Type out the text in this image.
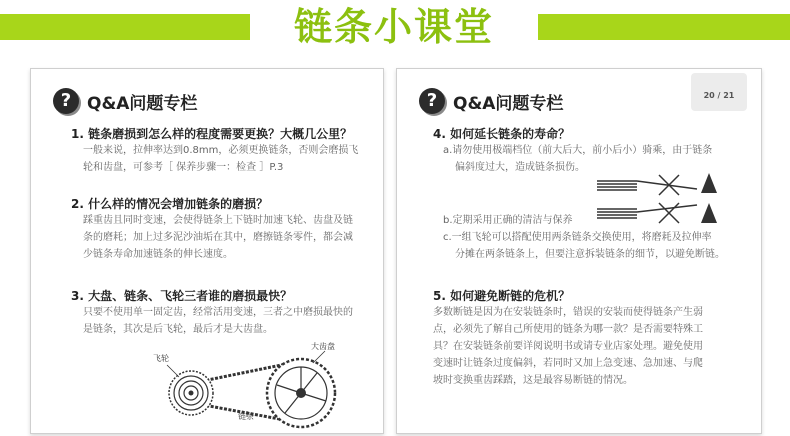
链条小课堂
? Q&A问题专栏
1. 链条磨损到怎么样的程度需要更换？大概几公里？
一般来说，拉伸率达到0.8mm，必须更换链条，否则会磨损飞
轮和齿盘，可参考［ 保养步骤一：检查 ］P.3
2. 什么样的情况会增加链条的磨损？
踩重齿且同时变速，会使得链条上下链时加速飞轮、齿盘及链
条的磨耗；加上过多泥沙油垢在其中，磨擦链条零件，都会减
少链条寿命加速链条的伸长速度。
3. 大盘、链条、飞轮三者谁的磨损最快？
只要不使用单一固定齿，经常活用变速，三者之中磨损最快的
是链条，其次是后飞轮，最后才是大齿盘。
飞轮
大齿盘
链条
? Q&A问题专栏	20 / 21
4. 如何延长链条的寿命？
a.请勿使用极端档位（前大后大，前小后小）骑乘，由于链条
偏斜度过大，造成链条损伤。
b.定期采用正确的清洁与保养
c.一组飞轮可以搭配使用两条链条交换使用，将磨耗及拉伸率
分摊在两条链条上，但要注意拆装链条的细节，以避免断链。
5. 如何避免断链的危机？
多数断链是因为在安装链条时，错误的安装而使得链条产生弱
点，必须先了解自己所使用的链条为哪一款？是否需要特殊工
具？在安装链条前要详阅说明书或请专业店家处理。避免使用
变速时让链条过度偏斜，若同时又加上急变速、急加速、与爬
坡时变换重齿踩踏，这是最容易断链的情况。
